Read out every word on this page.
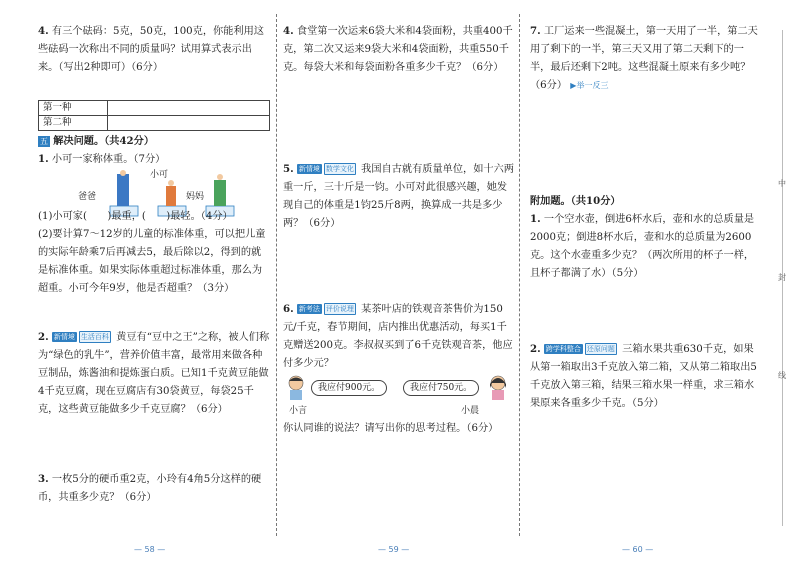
中
封
线
4. 有三个砝码：5克，50克，100克，你能利用这些砝码一次称出不同的质量吗？试用算式表示出来。（写出2种即可）（6分）
第一种	
第二种	
五 解决问题。（共42分）
1. 小可一家称体重。（7分）
爸爸
小可
妈妈
(1)小可家(　　)最重，(　　)最轻。（4分）
(2)要计算7～12岁的儿童的标准体重，可以把儿童的实际年龄乘7后再减去5，最后除以2，得到的就是标准体重。如果实际体重超过标准体重，那么为超重。小可今年9岁，他是否超重？（3分）
2. 新情境 生活百科 黄豆有“豆中之王”之称，被人们称为“绿色的乳牛”，营养价值丰富，最常用来做各种豆制品，炼酱油和提炼蛋白质。已知1千克黄豆能做4千克豆腐，现在豆腐店有30袋黄豆，每袋25千克，这些黄豆能做多少千克豆腐？（6分）
3. 一枚5分的硬币重2克，小玲有4角5分这样的硬币，共重多少克？（6分）
— 58 —
4. 食堂第一次运来6袋大米和4袋面粉，共重400千克，第二次又运来9袋大米和4袋面粉，共重550千克。每袋大米和每袋面粉各重多少千克？（6分）
5. 新情境 数学文化 我国自古就有质量单位，如十六两重一斤，三十斤是一钧。小可对此很感兴趣，她发现自己的体重是1钧25斤8两，换算成一共是多少两？（6分）
6. 新考法 评价说理 某茶叶店的铁观音茶售价为150元/千克，春节期间，店内推出优惠活动，每买1千克赠送200克。李叔叔买到了6千克铁观音茶，他应付多少元？
我应付900元。	我应付750元。
小言	小晨
你认同谁的说法？请写出你的思考过程。（6分）
— 59 —
7. 工厂运来一些混凝土，第一天用了一半，第二天用了剩下的一半，第三天又用了第二天剩下的一半，最后还剩下2吨。这些混凝土原来有多少吨？（6分） ▶举一反三
附加题。（共10分）
1. 一个空水壶，倒进6杯水后，壶和水的总质量是2000克；倒进8杯水后，壶和水的总质量为2600克。这个水壶重多少克？（两次所用的杯子一样，且杯子都满了水）（5分）
2. 跨学科整合 还原问题 三箱水果共重630千克，如果从第一箱取出3千克放入第二箱，又从第二箱取出5千克放入第三箱，结果三箱水果一样重，求三箱水果原来各重多少千克。（5分）
— 60 —
